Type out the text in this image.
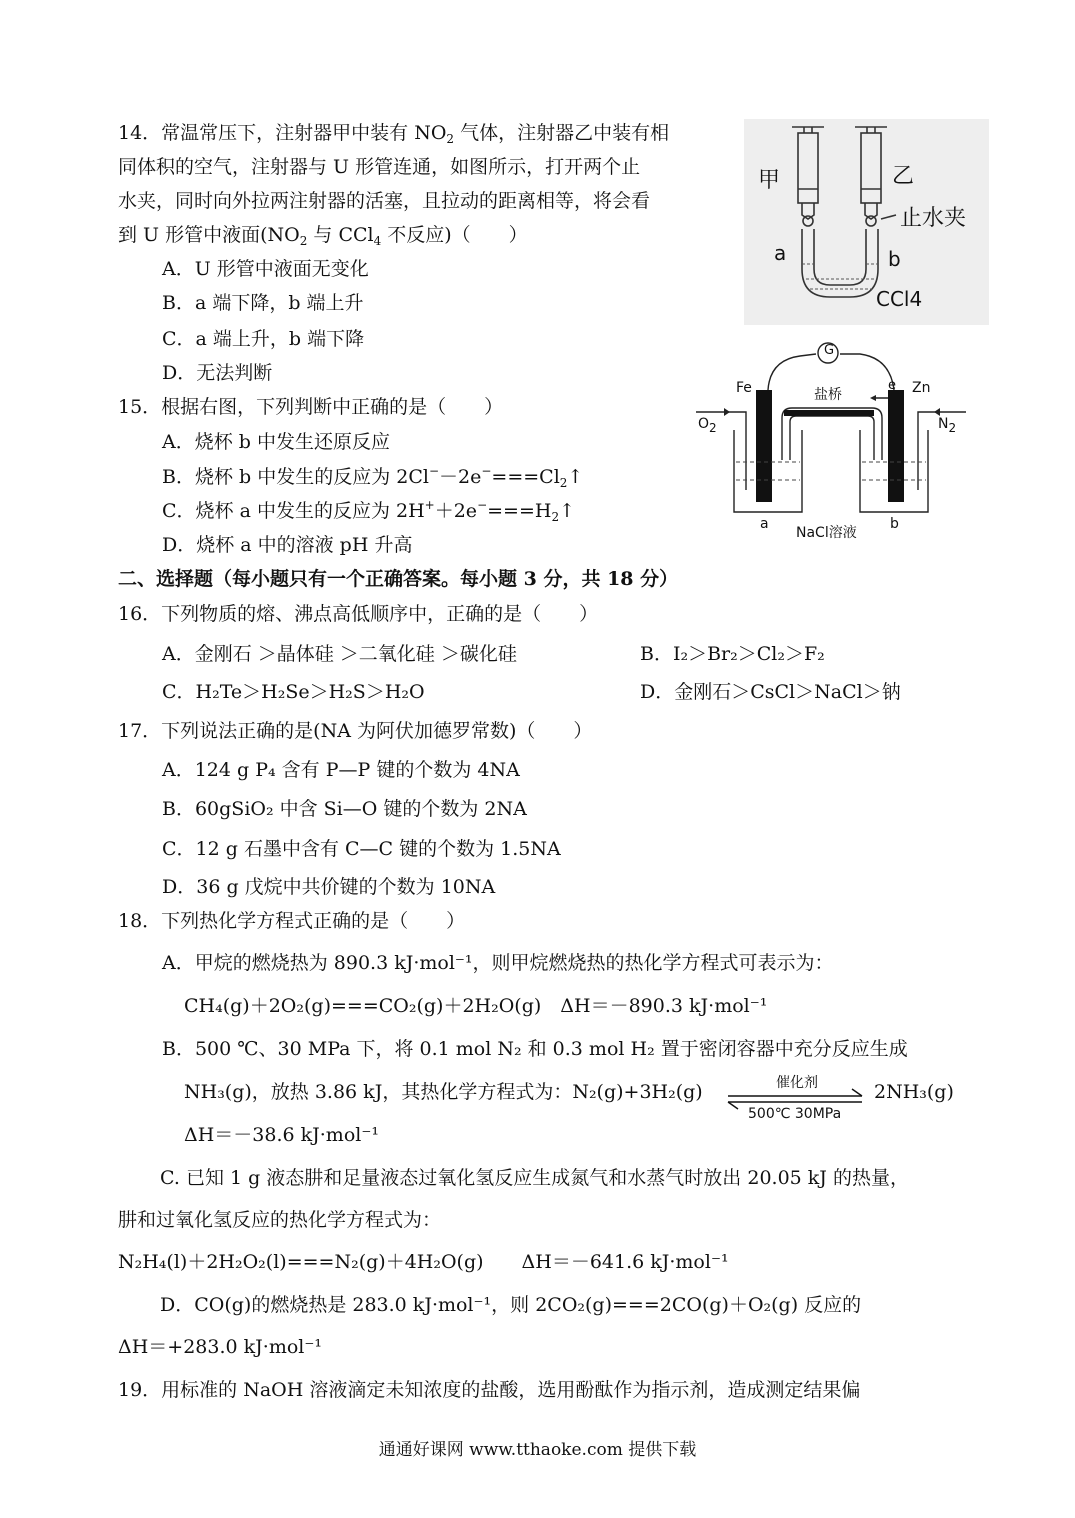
14．常温常压下，注射器甲中装有 $NO_2$ 气体，注射器乙中装有相
同体积的空气，注射器与 U 形管连通，如图所示，打开两个止
水夹，同时向外拉两注射器的活塞，且拉动的距离相等，将会看
到 U 形管中液面($NO_2$ 与 CCl$_4$ 不反应)（　　）
A．U 形管中液面无变化
B．a 端下降，b 端上升
C．a 端上升，b 端下降
D．无法判断
甲	乙
止水夹
a	b
CCl4
G
e
Fe	Zn
盐桥
$O_2$	$N_2$
a	b
NaCl溶液
15．根据右图，下列判断中正确的是（　　）
A．烧杯 b 中发生还原反应
B．烧杯 b 中发生的反应为 $2Cl^--2e^-===Cl_2↑$
C．烧杯 a 中发生的反应为 $2H^++2e^-===H_2↑$
D．烧杯 a 中的溶液 pH 升高
二、选择题（每小题只有一个正确答案。每小题 3 分，共 18 分）
16．下列物质的熔、沸点高低顺序中，正确的是（　　）
A．金刚石 ＞晶体硅 ＞二氧化硅 ＞碳化硅	B．I₂＞Br₂＞Cl₂＞F₂
C．H₂Te＞H₂Se＞H₂S＞H₂O	D．金刚石＞CsCl＞NaCl＞钠
17．下列说法正确的是(NA 为阿伏加德罗常数)（　　）
A．124 g P₄ 含有 P—P 键的个数为 4NA
B．60gSiO₂ 中含 Si—O 键的个数为 2NA
C．12 g 石墨中含有 C—C 键的个数为 1.5NA
D．36 g 戊烷中共价键的个数为 10NA
18．下列热化学方程式正确的是（　　）
A．甲烷的燃烧热为 890.3 kJ·mol⁻¹，则甲烷燃烧热的热化学方程式可表示为：
CH₄(g)＋2O₂(g)===CO₂(g)＋2H₂O(g)　ΔH＝－890.3 kJ·mol⁻¹
B．500 ℃、30 MPa 下，将 0.1 mol N₂ 和 0.3 mol H₂ 置于密闭容器中充分反应生成
NH₃(g)，放热 3.86 kJ，其热化学方程式为：N₂(g)+3H₂(g)	催化剂
500℃ 30MPa
2NH₃(g)
ΔH＝－38.6 kJ·mol⁻¹
C. 已知 1 g 液态肼和足量液态过氧化氢反应生成氮气和水蒸气时放出 20.05 kJ 的热量，
肼和过氧化氢反应的热化学方程式为：
N₂H₄(l)＋2H₂O₂(l)===N₂(g)＋4H₂O(g)　　ΔH＝－641.6 kJ·mol⁻¹
D．CO(g)的燃烧热是 283.0 kJ·mol⁻¹，则 2CO₂(g)===2CO(g)＋O₂(g) 反应的
ΔH＝+283.0 kJ·mol⁻¹
19．用标准的 NaOH 溶液滴定未知浓度的盐酸，选用酚酞作为指示剂，造成测定结果偏
通通好课网 www.tthaoke.com 提供下载
